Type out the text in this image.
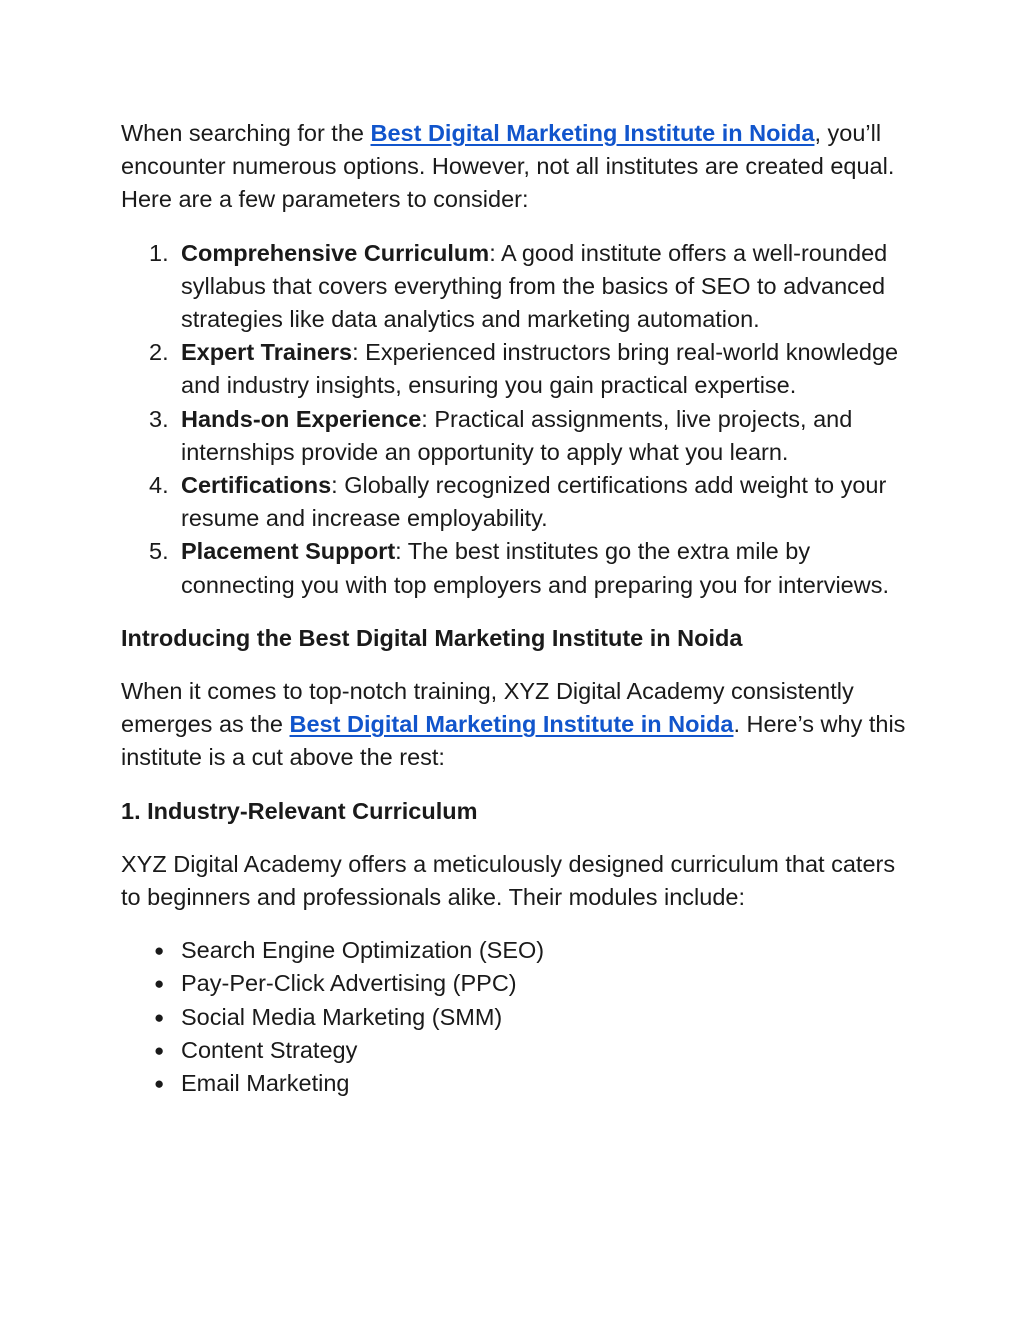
When searching for the Best Digital Marketing Institute in Noida, you’ll encounter numerous options. However, not all institutes are created equal. Here are a few parameters to consider:

1. Comprehensive Curriculum: A good institute offers a well-rounded syllabus that covers everything from the basics of SEO to advanced strategies like data analytics and marketing automation.
2. Expert Trainers: Experienced instructors bring real-world knowledge and industry insights, ensuring you gain practical expertise.
3. Hands-on Experience: Practical assignments, live projects, and internships provide an opportunity to apply what you learn.
4. Certifications: Globally recognized certifications add weight to your resume and increase employability.
5. Placement Support: The best institutes go the extra mile by connecting you with top employers and preparing you for interviews.
Introducing the Best Digital Marketing Institute in Noida

When it comes to top-notch training, XYZ Digital Academy consistently emerges as the Best Digital Marketing Institute in Noida. Here’s why this institute is a cut above the rest:

1. Industry-Relevant Curriculum

XYZ Digital Academy offers a meticulously designed curriculum that caters to beginners and professionals alike. Their modules include:

● Search Engine Optimization (SEO)
● Pay-Per-Click Advertising (PPC)
● Social Media Marketing (SMM)
● Content Strategy
● Email Marketing
